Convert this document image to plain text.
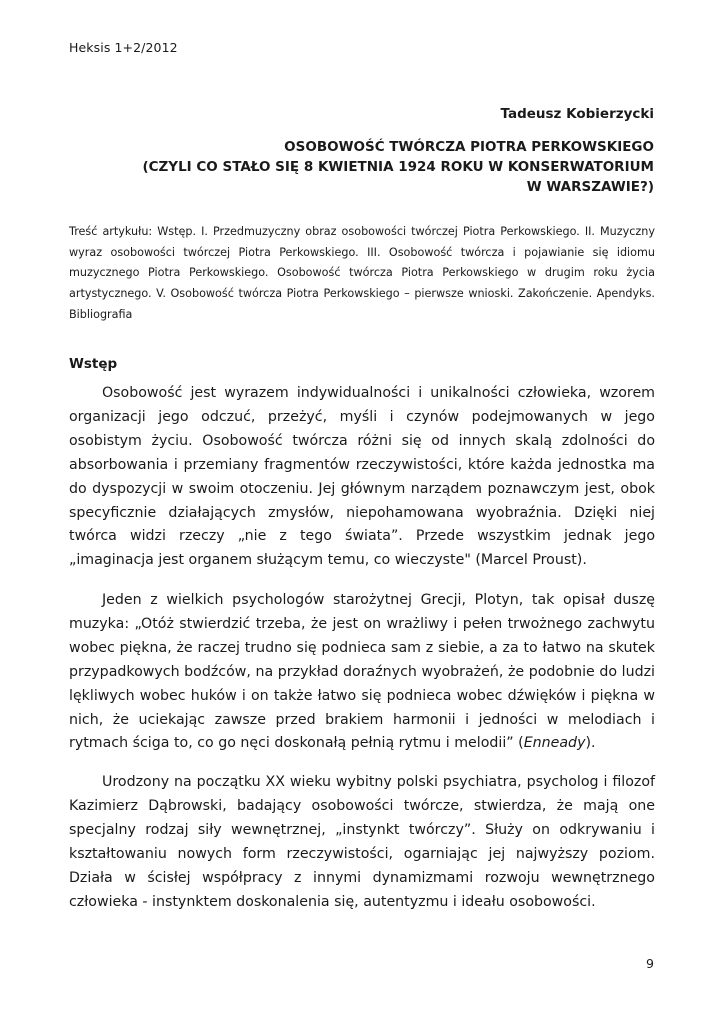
Heksis 1+2/2012
Tadeusz Kobierzycki
OSOBOWOŚĆ TWÓRCZA PIOTRA PERKOWSKIEGO
(CZYLI CO STAŁO SIĘ 8 KWIETNIA 1924 ROKU W KONSERWATORIUM
W WARSZAWIE?)
Treść artykułu: Wstęp. I. Przedmuzyczny obraz osobowości twórczej Piotra Perkowskiego. II. Muzyczny wyraz osobowości twórczej Piotra Perkowskiego. III. Osobowość twórcza i pojawianie się idiomu muzycznego Piotra Perkowskiego. Osobowość twórcza Piotra Perkowskiego w drugim roku życia artystycznego. V. Osobowość twórcza Piotra Perkowskiego – pierwsze wnioski. Zakończenie. Apendyks. Bibliografia
Wstęp

Osobowość jest wyrazem indywidualności i unikalności człowieka, wzorem organizacji jego odczuć, przeżyć, myśli i czynów podejmowanych w jego osobistym życiu. Osobowość twórcza różni się od innych skalą zdolności do absorbowania i przemiany fragmentów rzeczywistości, które każda jednostka ma do dyspozycji w swoim otoczeniu. Jej głównym narządem poznawczym jest, obok specyficznie działających zmysłów, niepohamowana wyobraźnia. Dzięki niej twórca widzi rzeczy „nie z tego świata”. Przede wszystkim jednak jego „imaginacja jest organem służącym temu, co wieczyste" (Marcel Proust).

Jeden z wielkich psychologów starożytnej Grecji, Plotyn, tak opisał duszę muzyka: „Otóż stwierdzić trzeba, że jest on wrażliwy i pełen trwożnego zachwytu wobec piękna, że raczej trudno się podnieca sam z siebie, a za to łatwo na skutek przypadkowych bodźców, na przykład doraźnych wyobrażeń, że podobnie do ludzi lękliwych wobec huków i on także łatwo się podnieca wobec dźwięków i piękna w nich, że uciekając zawsze przed brakiem harmonii i jedności w melodiach i rytmach ściga to, co go nęci doskonałą pełnią rytmu i melodii” (Enneady).

Urodzony na początku XX wieku wybitny polski psychiatra, psycholog i filozof Kazimierz Dąbrowski, badający osobowości twórcze, stwierdza, że mają one specjalny rodzaj siły wewnętrznej, „instynkt twórczy”. Służy on odkrywaniu i kształtowaniu nowych form rzeczywistości, ogarniając jej najwyższy poziom. Działa w ścisłej współpracy z innymi dynamizmami rozwoju wewnętrznego człowieka - instynktem doskonalenia się, autentyzmu i ideału osobowości.

9
